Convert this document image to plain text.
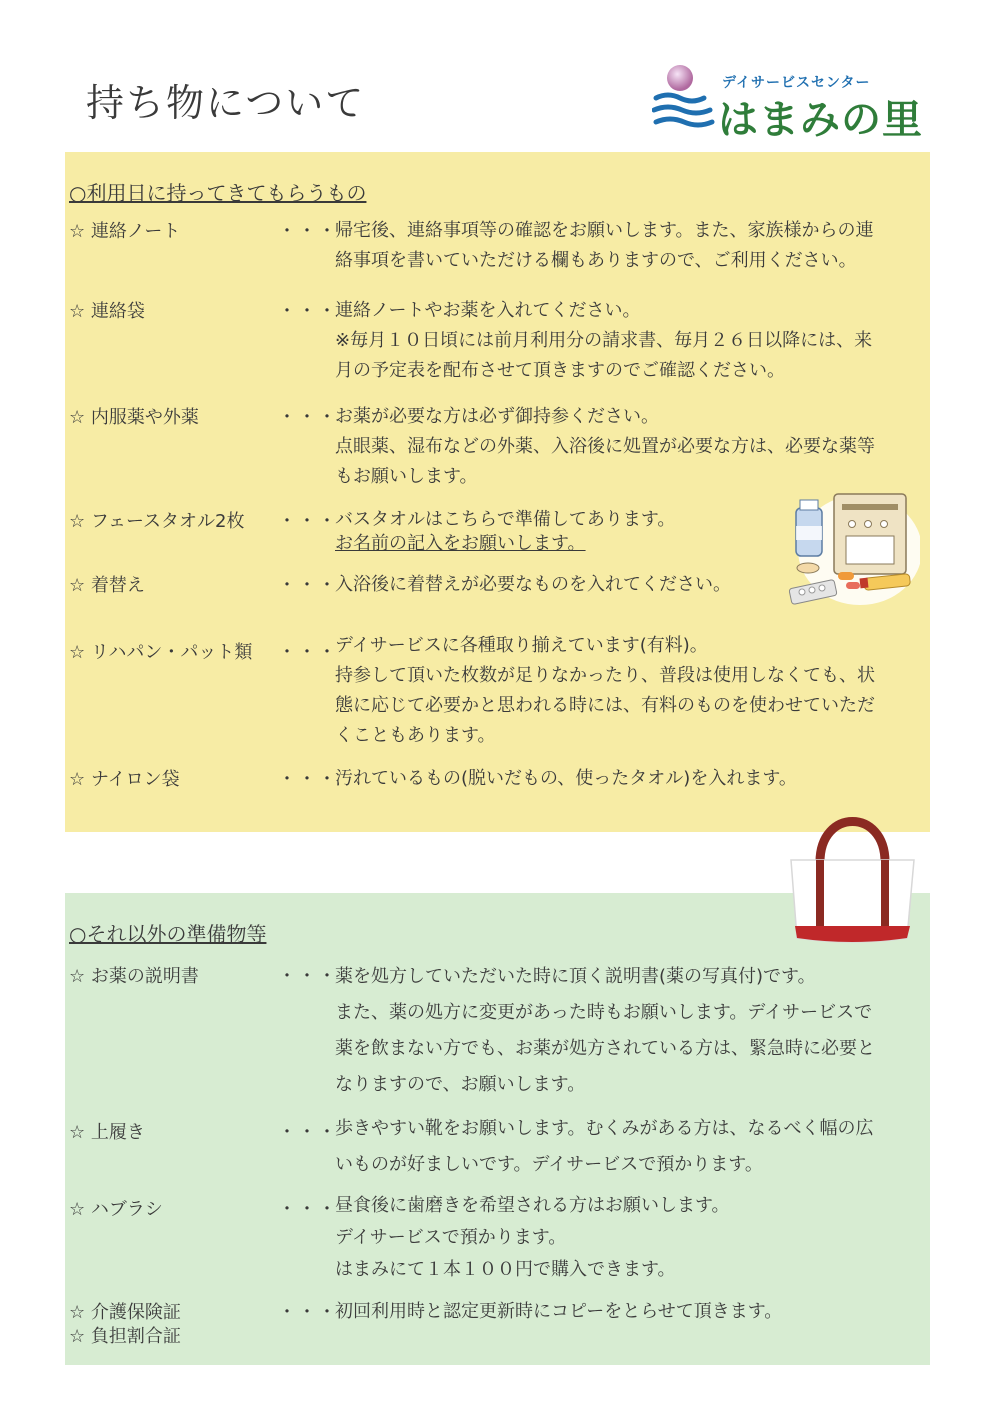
持ち物について	デイサービスセンター
はまみの里
○利用日に持ってきてもらうもの
☆ 連絡ノート	・・・

帰宅後、連絡事項等の確認をお願いします。また、家族様からの連

絡事項を書いていただける欄もありますので、ご利用ください。

☆ 連絡袋	・・・

連絡ノートやお薬を入れてください。

※毎月１０日頃には前月利用分の請求書、毎月２６日以降には、来

月の予定表を配布させて頂きますのでご確認ください。

☆ 内服薬や外薬	・・・

お薬が必要な方は必ず御持参ください。

点眼薬、湿布などの外薬、入浴後に処置が必要な方は、必要な薬等

もお願いします。

☆ フェースタオル2枚 ・・・

バスタオルはこちらで準備してあります。

お名前の記入をお願いします。

☆ 着替え	・・・

入浴後に着替えが必要なものを入れてください。

☆ リハパン・パット類 ・・・

デイサービスに各種取り揃えています(有料)。

持参して頂いた枚数が足りなかったり、普段は使用しなくても、状

態に応じて必要かと思われる時には、有料のものを使わせていただ

くこともあります。

☆ ナイロン袋	・・・

汚れているもの(脱いだもの、使ったタオル)を入れます。

○それ以外の準備物等
☆ お薬の説明書	・・・

薬を処方していただいた時に頂く説明書(薬の写真付)です。

また、薬の処方に変更があった時もお願いします。デイサービスで

薬を飲まない方でも、お薬が処方されている方は、緊急時に必要と

なりますので、お願いします。

☆ 上履き	・・・

歩きやすい靴をお願いします。むくみがある方は、なるべく幅の広

いものが好ましいです。デイサービスで預かります。

☆ ハブラシ	・・・

昼食後に歯磨きを希望される方はお願いします。

デイサービスで預かります。

はまみにて１本１００円で購入できます。

☆ 介護保険証
☆ 負担割合証
・・・

初回利用時と認定更新時にコピーをとらせて頂きます。
